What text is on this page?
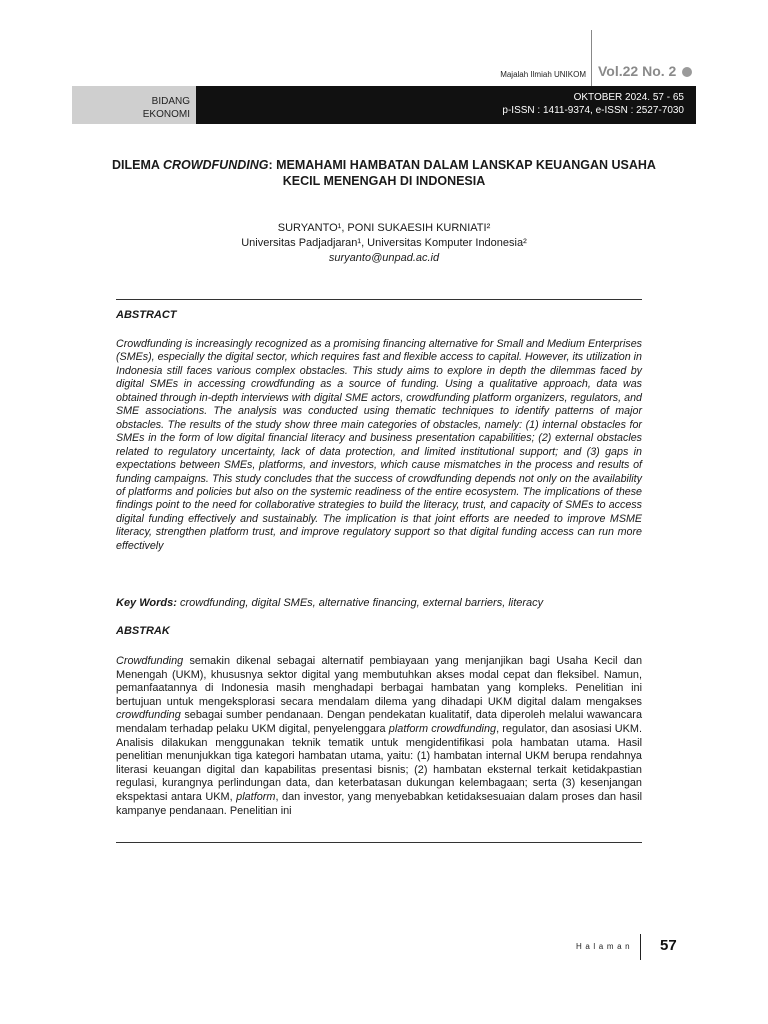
Majalah Ilmiah UNIKOM Vol.22 No. 2
BIDANG
EKONOMI
OKTOBER 2024. 57 - 65
p-ISSN : 1411-9374, e-ISSN : 2527-7030
DILEMA CROWDFUNDING: MEMAHAMI HAMBATAN DALAM LANSKAP KEUANGAN USAHA KECIL MENENGAH DI INDONESIA
SURYANTO¹, PONI SUKAESIH KURNIATI²
Universitas Padjadjaran¹, Universitas Komputer Indonesia²
suryanto@unpad.ac.id
ABSTRACT

Crowdfunding is increasingly recognized as a promising financing alternative for Small and Medium Enterprises (SMEs), especially the digital sector, which requires fast and flexible access to capital. However, its utilization in Indonesia still faces various complex obstacles. This study aims to explore in depth the dilemmas faced by digital SMEs in accessing crowdfunding as a source of funding. Using a qualitative approach, data was obtained through in-depth interviews with digital SME actors, crowdfunding platform organizers, regulators, and SME associations. The analysis was conducted using thematic techniques to identify patterns of major obstacles. The results of the study show three main categories of obstacles, namely: (1) internal obstacles for SMEs in the form of low digital financial literacy and business presentation capabilities; (2) external obstacles related to regulatory uncertainty, lack of data protection, and limited institutional support; and (3) gaps in expectations between SMEs, platforms, and investors, which cause mismatches in the process and results of funding campaigns. This study concludes that the success of crowdfunding depends not only on the availability of platforms and policies but also on the systemic readiness of the entire ecosystem. The implications of these findings point to the need for collaborative strategies to build the literacy, trust, and capacity of SMEs to access digital funding effectively and sustainably. The implication is that joint efforts are needed to improve MSME literacy, strengthen platform trust, and improve regulatory support so that digital funding access can run more effectively

Key Words: crowdfunding, digital SMEs, alternative financing, external barriers, literacy
ABSTRAK

Crowdfunding semakin dikenal sebagai alternatif pembiayaan yang menjanjikan bagi Usaha Kecil dan Menengah (UKM), khususnya sektor digital yang membutuhkan akses modal cepat dan fleksibel. Namun, pemanfaatannya di Indonesia masih menghadapi berbagai hambatan yang kompleks. Penelitian ini bertujuan untuk mengeksplorasi secara mendalam dilema yang dihadapi UKM digital dalam mengakses crowdfunding sebagai sumber pendanaan. Dengan pendekatan kualitatif, data diperoleh melalui wawancara mendalam terhadap pelaku UKM digital, penyelenggara platform crowdfunding, regulator, dan asosiasi UKM. Analisis dilakukan menggunakan teknik tematik untuk mengidentifikasi pola hambatan utama. Hasil penelitian menunjukkan tiga kategori hambatan utama, yaitu: (1) hambatan internal UKM berupa rendahnya literasi keuangan digital dan kapabilitas presentasi bisnis; (2) hambatan eksternal terkait ketidakpastian regulasi, kurangnya perlindungan data, dan keterbatasan dukungan kelembagaan; serta (3) kesenjangan ekspektasi antara UKM, platform, dan investor, yang menyebabkan ketidaksesuaian dalam proses dan hasil kampanye pendanaan. Penelitian ini

Halaman 57
